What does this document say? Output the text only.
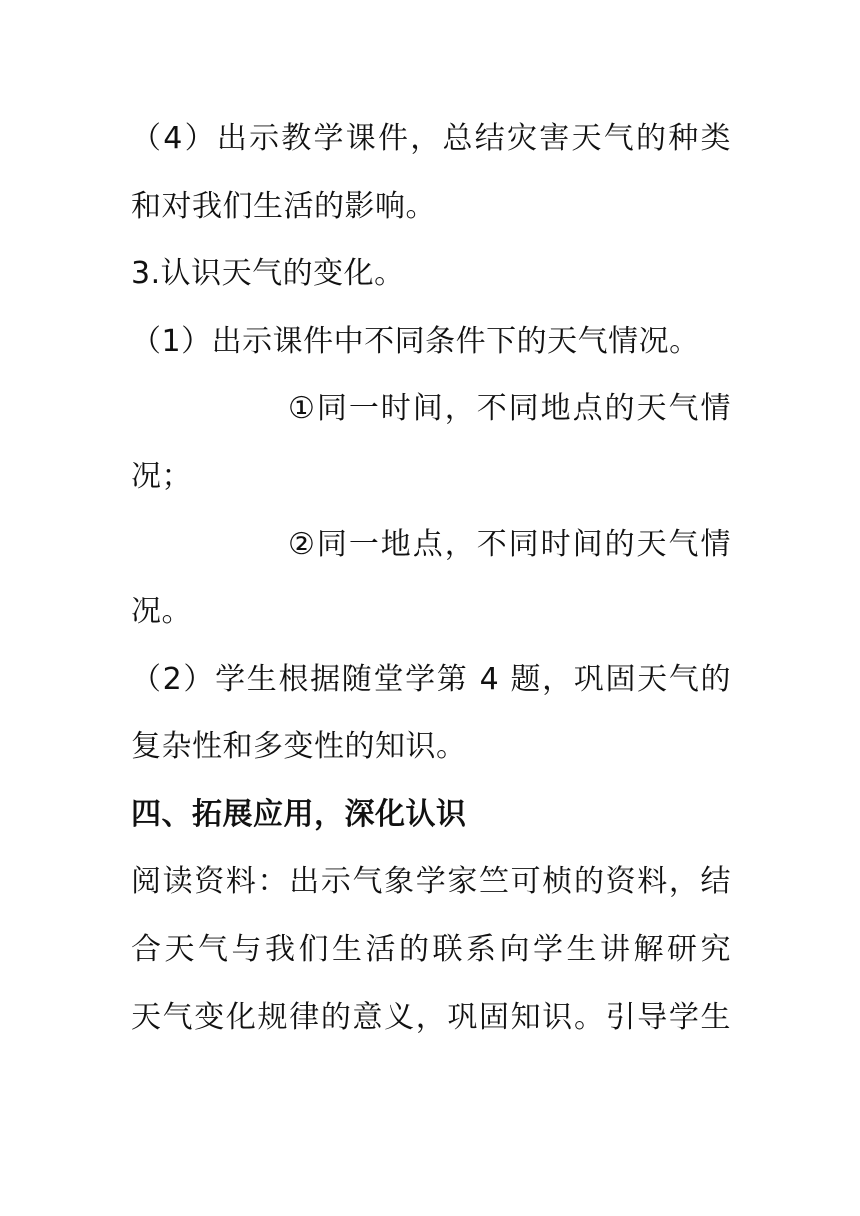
（4）出示教学课件，总结灾害天气的种类
和对我们生活的影响。
3.认识天气的变化。
（1）出示课件中不同条件下的天气情况。
①同一时间，不同地点的天气情
况；
②同一地点，不同时间的天气情
况。
（2）学生根据随堂学第 4 题，巩固天气的
复杂性和多变性的知识。
四、拓展应用，深化认识
阅读资料：出示气象学家竺可桢的资料，结
合天气与我们生活的联系向学生讲解研究
天气变化规律的意义，巩固知识。引导学生
